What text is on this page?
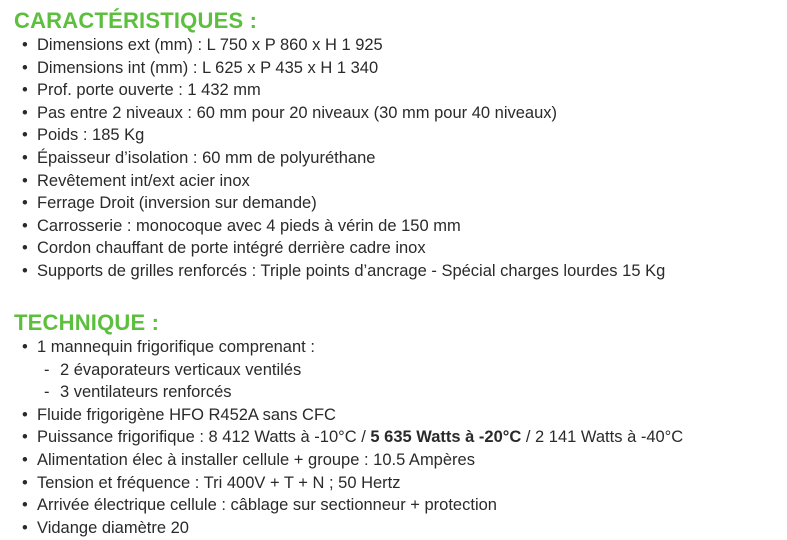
CARACTÉRISTIQUES :
• Dimensions ext (mm) : L 750 x P 860 x H 1 925
• Dimensions int (mm) : L 625 x P 435 x H 1 340
• Prof. porte ouverte : 1 432 mm
• Pas entre 2 niveaux : 60 mm pour 20 niveaux (30 mm pour 40 niveaux)
• Poids : 185 Kg
• Épaisseur d’isolation : 60 mm de polyuréthane
• Revêtement int/ext acier inox
• Ferrage Droit (inversion sur demande)
• Carrosserie : monocoque avec 4 pieds à vérin de 150 mm
• Cordon chauffant de porte intégré derrière cadre inox
• Supports de grilles renforcés : Triple points d’ancrage - Spécial charges lourdes 15 Kg
TECHNIQUE :
• 1 mannequin frigorifique comprenant :
- 2 évaporateurs verticaux ventilés
- 3 ventilateurs renforcés
• Fluide frigorigène HFO R452A sans CFC
• Puissance frigorifique : 8 412 Watts à -10°C / 5 635 Watts à -20°C / 2 141 Watts à -40°C
• Alimentation élec à installer cellule + groupe : 10.5 Ampères
• Tension et fréquence : Tri 400V + T + N ; 50 Hertz
• Arrivée électrique cellule : câblage sur sectionneur + protection
• Vidange diamètre 20
